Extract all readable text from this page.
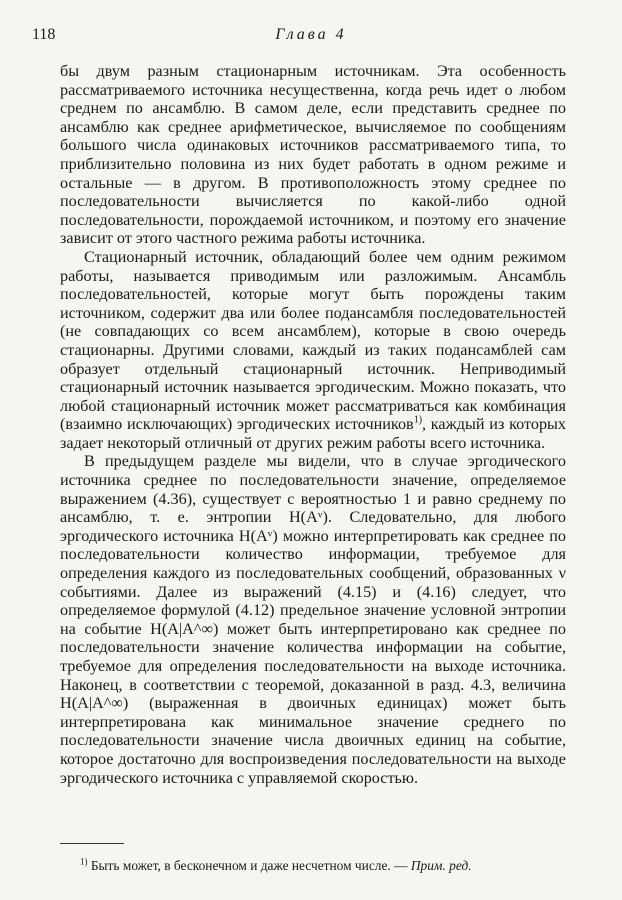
118	Глава 4

бы двум разным стационарным источникам. Эта особенность рассматриваемого источника несущественна, когда речь идет о любом среднем по ансамблю. В самом деле, если представить среднее по ансамблю как среднее арифметическое, вычисляемое по сообщениям большого числа одинаковых источников рассматриваемого типа, то приблизительно половина из них будет работать в одном режиме и остальные — в другом. В противоположность этому среднее по последовательности вычисляется по какой-либо одной последовательности, порождаемой источником, и поэтому его значение зависит от этого частного режима работы источника.

Стационарный источник, обладающий более чем одним режимом работы, называется приводимым или разложимым. Ансамбль последовательностей, которые могут быть порождены таким источником, содержит два или более подансамбля последовательностей (не совпадающих со всем ансамблем), которые в свою очередь стационарны. Другими словами, каждый из таких подансамблей сам образует отдельный стационарный источник. Неприводимый стационарный источник называется эргодическим. Можно показать, что любой стационарный источник может рассматриваться как комбинация (взаимно исключающих) эргодических источников$^{1)}$, каждый из которых задает некоторый отличный от других режим работы всего источника.

В предыдущем разделе мы видели, что в случае эргодического источника среднее по последовательности значение, определяемое выражением (4.36), существует с вероятностью 1 и равно среднему по ансамблю, т. е. энтропии H(Aᵛ). Следовательно, для любого эргодического источника H(Aᵛ) можно интерпретировать как среднее по последовательности количество информации, требуемое для определения каждого из последовательных сообщений, образованных ν событиями. Далее из выражений (4.15) и (4.16) следует, что определяемое формулой (4.12) предельное значение условной энтропии на событие H(A|A^∞) может быть интерпретировано как среднее по последовательности значение количества информации на событие, требуемое для определения последовательности на выходе источника. Наконец, в соответствии с теоремой, доказанной в разд. 4.3, величина H(A|A^∞) (выраженная в двоичных единицах) может быть интерпретирована как минимальное значение среднего по последовательности значение числа двоичных единиц на событие, которое достаточно для воспроизведения последовательности на выходе эргодического источника с управляемой скоростью.

$^{1)}$ Быть может, в бесконечном и даже несчетном числе. — Прим. ред.
